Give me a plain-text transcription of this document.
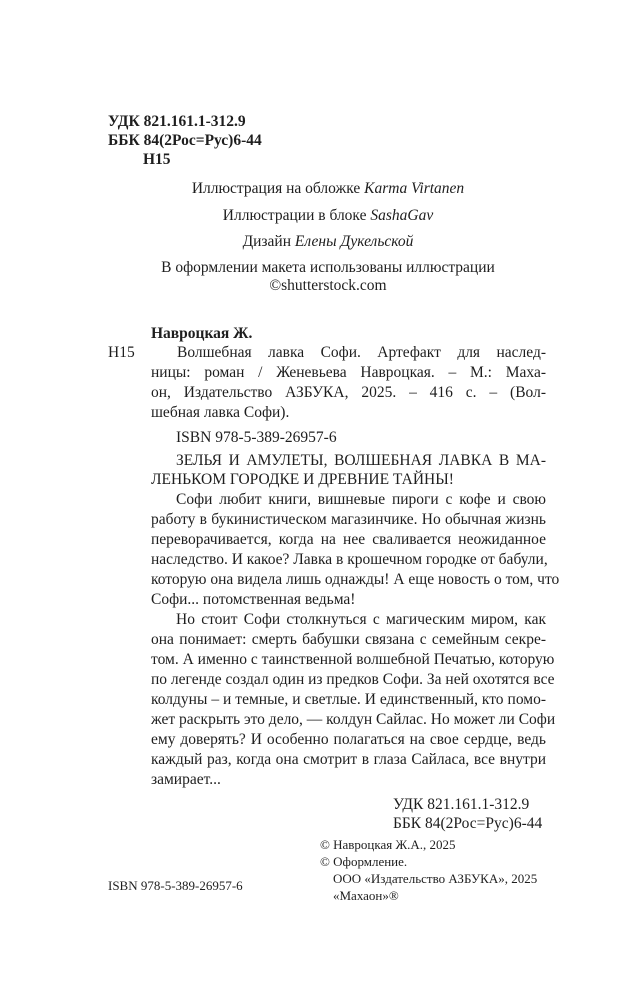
УДК 821.161.1-312.9
ББК 84(2Рос=Рус)6-44
Н15
Иллюстрация на обложке Karma Virtanen
Иллюстрации в блоке SashaGav
Дизайн Елены Дукельской
В оформлении макета использованы иллюстрации
©shutterstock.com
Навроцкая Ж.
Н15	Волшебная лавка Софи. Артефакт для наслед-
ницы: роман / Женевьева Навроцкая. – М.: Маха-
он, Издательство АЗБУКА, 2025. – 416 с. – (Вол-
шебная лавка Софи).
ISBN 978-5-389-26957-6
ЗЕЛЬЯ И АМУЛЕТЫ, ВОЛШЕБНАЯ ЛАВКА В МА-
ЛЕНЬКОМ ГОРОДКЕ И ДРЕВНИЕ ТАЙНЫ!
Софи любит книги, вишневые пироги с кофе и свою
работу в букинистическом магазинчике. Но обычная жизнь
переворачивается, когда на нее сваливается неожиданное
наследство. И какое? Лавка в крошечном городке от бабули,
которую она видела лишь однажды! А еще новость о том, что
Софи... потомственная ведьма!
Но стоит Софи столкнуться с магическим миром, как
она понимает: смерть бабушки связана с семейным секре-
том. А именно с таинственной волшебной Печатью, которую
по легенде создал один из предков Софи. За ней охотятся все
колдуны – и темные, и светлые. И единственный, кто помо-
жет раскрыть это дело, — колдун Сайлас. Но может ли Софи
ему доверять? И особенно полагаться на свое сердце, ведь
каждый раз, когда она смотрит в глаза Сайласа, все внутри
замирает...
УДК 821.161.1-312.9
ББК 84(2Рос=Рус)6-44
© Навроцкая Ж.А., 2025
© Оформление.
ООО «Издательство АЗБУКА», 2025
«Махаон»®
ISBN 978-5-389-26957-6
